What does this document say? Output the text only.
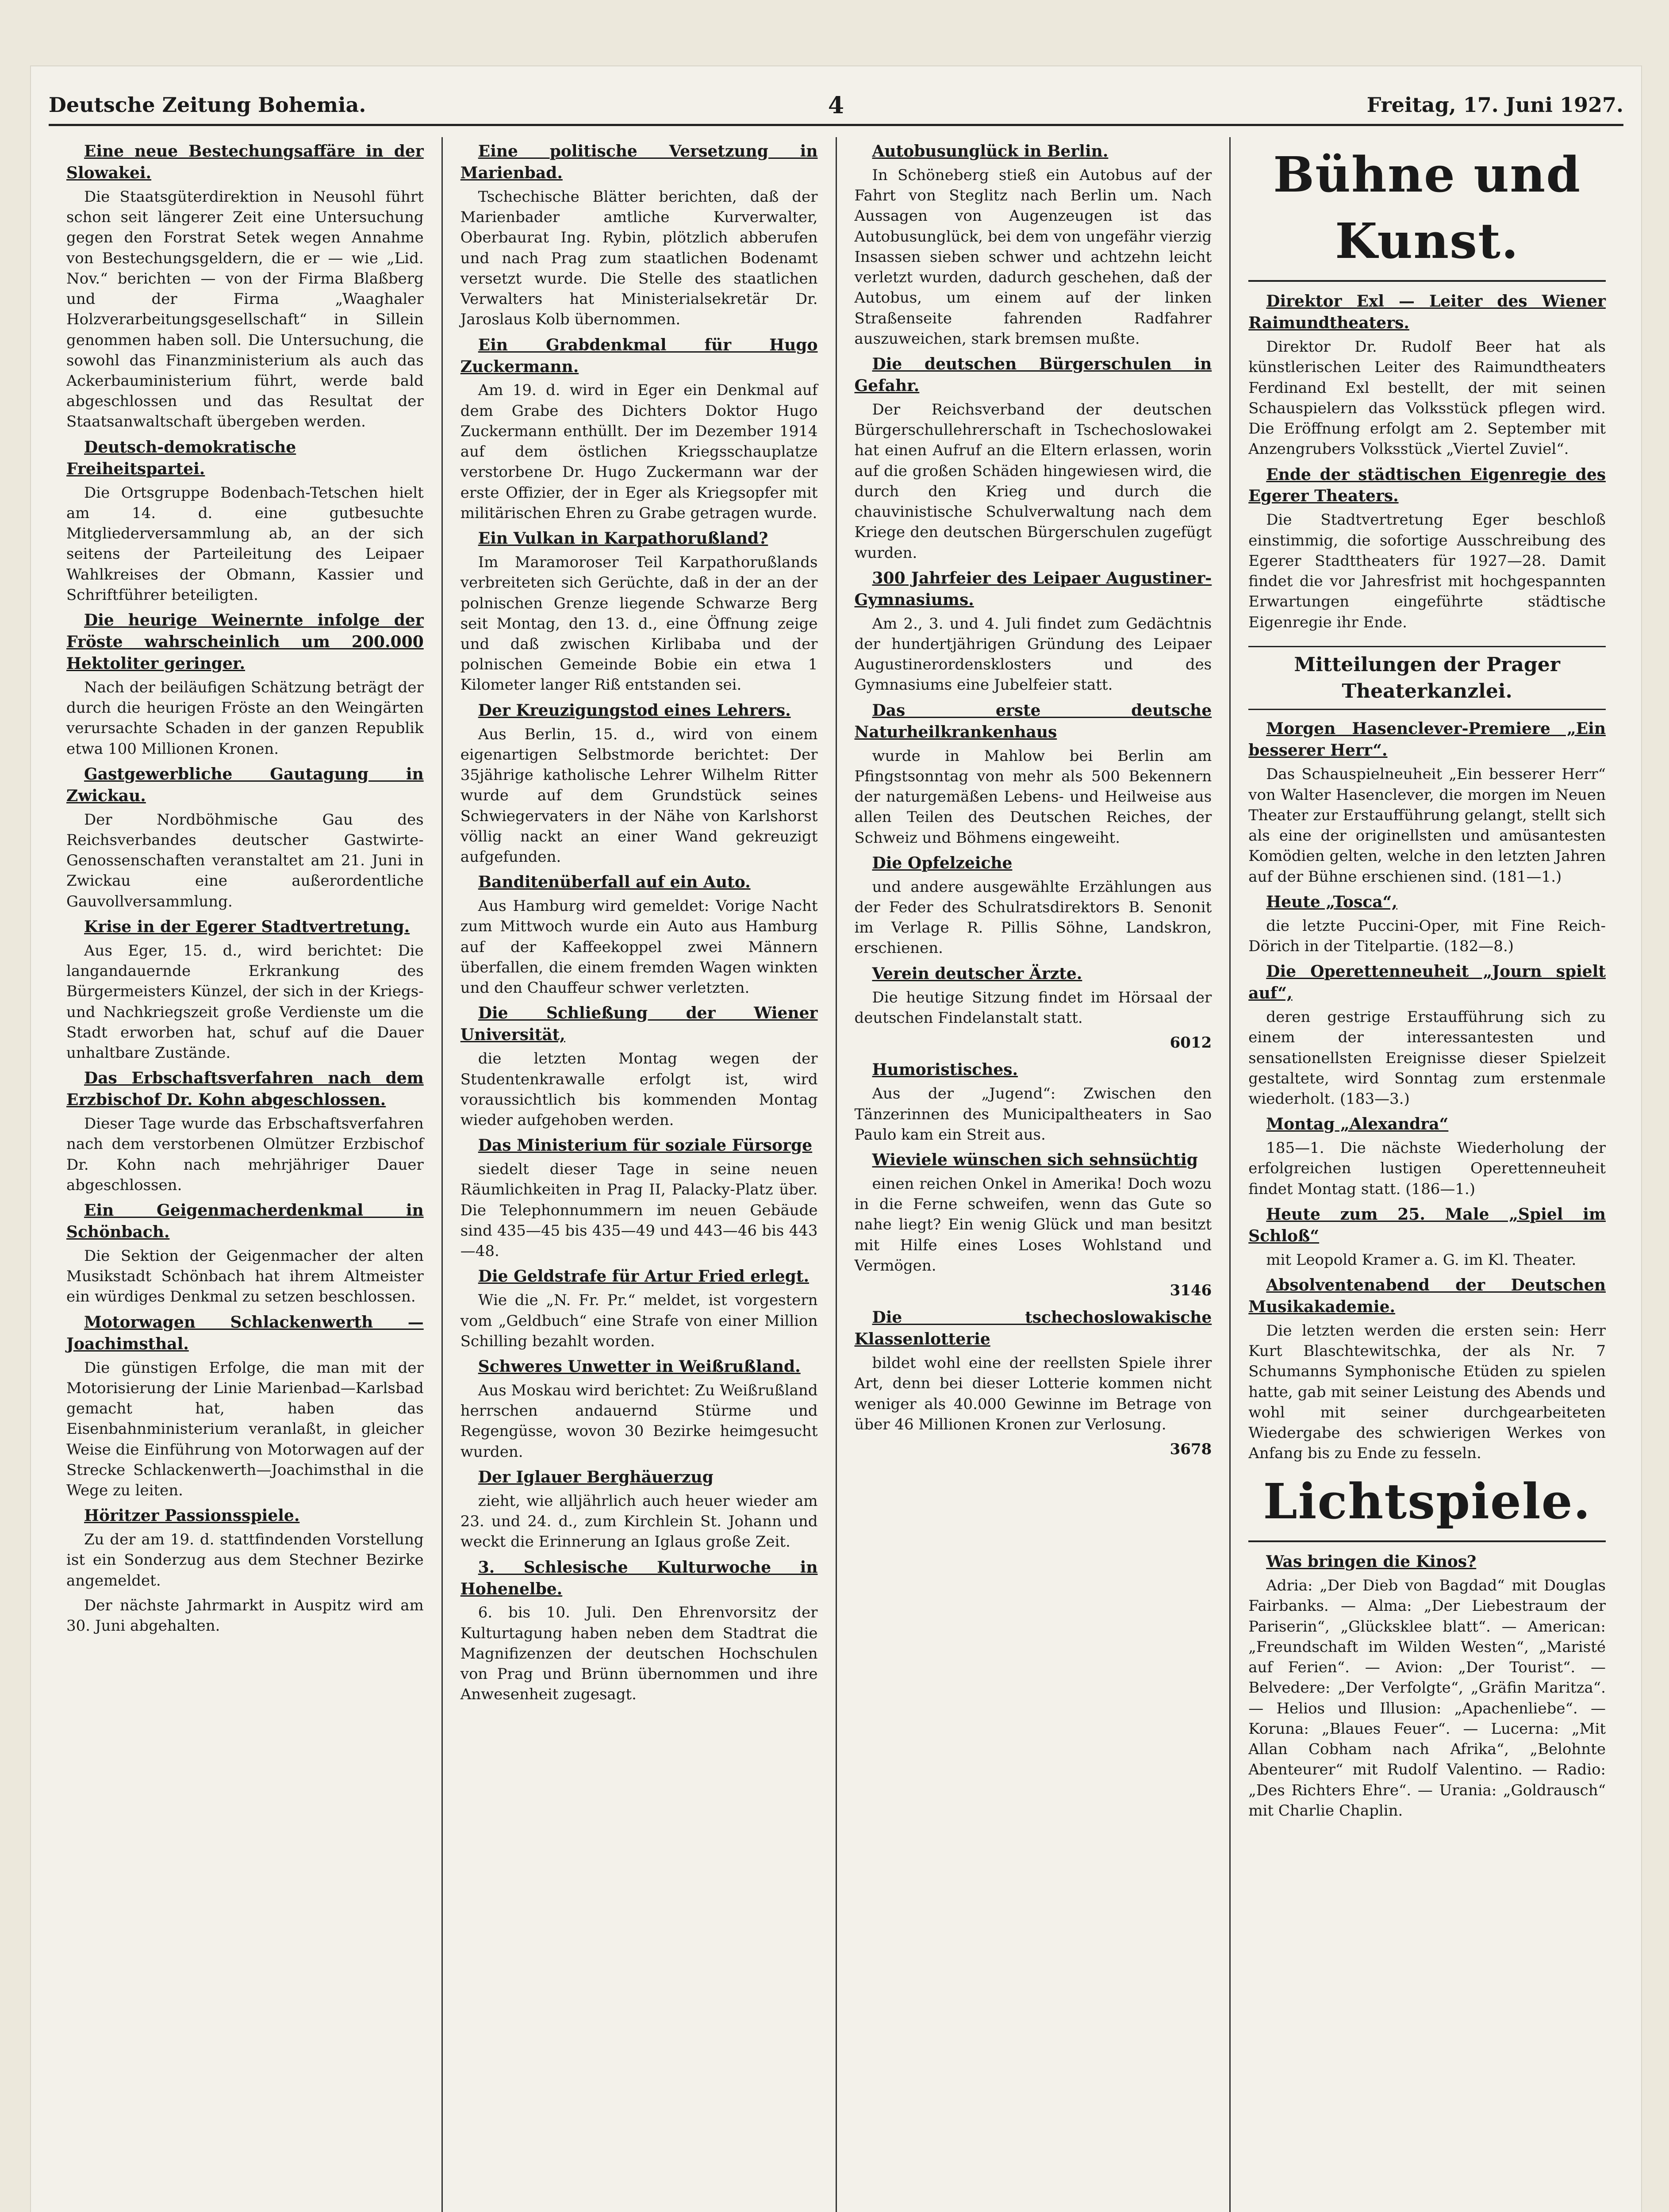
Deutsche Zeitung Bohemia.	4	Freitag, 17. Juni 1927.
Eine neue Bestechungsaffäre in der Slowakei.

Die Staatsgüterdirektion in Neusohl führt schon seit längerer Zeit eine Untersuchung gegen den Forstrat Setek wegen Annahme von Bestechungsgeldern, die er — wie „Lid. Nov.“ berichten — von der Firma Blaßberg und der Firma „Waaghaler Holzverarbeitungsgesellschaft“ in Sillein genommen haben soll. Die Untersuchung, die sowohl das Finanzministerium als auch das Ackerbauministerium führt, werde bald abgeschlossen und das Resultat der Staatsanwaltschaft übergeben werden.

Deutsch-demokratische Freiheitspartei.

Die Ortsgruppe Bodenbach-Tetschen hielt am 14. d. eine gutbesuchte Mitgliederversammlung ab, an der sich seitens der Parteileitung des Leipaer Wahlkreises der Obmann, Kassier und Schriftführer beteiligten.

Die heurige Weinernte infolge der Fröste wahrscheinlich um 200.000 Hektoliter geringer.

Nach der beiläufigen Schätzung beträgt der durch die heurigen Fröste an den Weingärten verursachte Schaden in der ganzen Republik etwa 100 Millionen Kronen.

Gastgewerbliche Gautagung in Zwickau.

Der Nordböhmische Gau des Reichsverbandes deutscher Gastwirte-Genossenschaften veranstaltet am 21. Juni in Zwickau eine außerordentliche Gauvollversammlung.

Krise in der Egerer Stadtvertretung.

Aus Eger, 15. d., wird berichtet: Die langandauernde Erkrankung des Bürgermeisters Künzel, der sich in der Kriegs- und Nachkriegszeit große Verdienste um die Stadt erworben hat, schuf auf die Dauer unhaltbare Zustände.

Das Erbschaftsverfahren nach dem Erzbischof Dr. Kohn abgeschlossen.

Dieser Tage wurde das Erbschaftsverfahren nach dem verstorbenen Olmützer Erzbischof Dr. Kohn nach mehrjähriger Dauer abgeschlossen.

Ein Geigenmacherdenkmal in Schönbach.

Die Sektion der Geigenmacher der alten Musikstadt Schönbach hat ihrem Altmeister ein würdiges Denkmal zu setzen beschlossen.

Motorwagen Schlackenwerth — Joachimsthal.

Die günstigen Erfolge, die man mit der Motorisierung der Linie Marienbad—Karlsbad gemacht hat, haben das Eisenbahnministerium veranlaßt, in gleicher Weise die Einführung von Motorwagen auf der Strecke Schlackenwerth—Joachimsthal in die Wege zu leiten.

Höritzer Passionsspiele.

Zu der am 19. d. stattfindenden Vorstellung ist ein Sonderzug aus dem Stechner Bezirke angemeldet.

Der nächste Jahrmarkt in Auspitz wird am 30. Juni abgehalten.

Eine politische Versetzung in Marienbad.

Tschechische Blätter berichten, daß der Marienbader amtliche Kurverwalter, Oberbaurat Ing. Rybin, plötzlich abberufen und nach Prag zum staatlichen Bodenamt versetzt wurde. Die Stelle des staatlichen Verwalters hat Ministerialsekretär Dr. Jaroslaus Kolb übernommen.

Ein Grabdenkmal für Hugo Zuckermann.

Am 19. d. wird in Eger ein Denkmal auf dem Grabe des Dichters Doktor Hugo Zuckermann enthüllt. Der im Dezember 1914 auf dem östlichen Kriegsschauplatze verstorbene Dr. Hugo Zuckermann war der erste Offizier, der in Eger als Kriegsopfer mit militärischen Ehren zu Grabe getragen wurde.

Ein Vulkan in Karpathorußland?

Im Maramoroser Teil Karpathorußlands verbreiteten sich Gerüchte, daß in der an der polnischen Grenze liegende Schwarze Berg seit Montag, den 13. d., eine Öffnung zeige und daß zwischen Kirlibaba und der polnischen Gemeinde Bobie ein etwa 1 Kilometer langer Riß entstanden sei.

Der Kreuzigungstod eines Lehrers.

Aus Berlin, 15. d., wird von einem eigenartigen Selbstmorde berichtet: Der 35jährige katholische Lehrer Wilhelm Ritter wurde auf dem Grundstück seines Schwiegervaters in der Nähe von Karlshorst völlig nackt an einer Wand gekreuzigt aufgefunden.

Banditenüberfall auf ein Auto.

Aus Hamburg wird gemeldet: Vorige Nacht zum Mittwoch wurde ein Auto aus Hamburg auf der Kaffeekoppel zwei Männern überfallen, die einem fremden Wagen winkten und den Chauffeur schwer verletzten.

Die Schließung der Wiener Universität,

die letzten Montag wegen der Studentenkrawalle erfolgt ist, wird voraussichtlich bis kommenden Montag wieder aufgehoben werden.

Das Ministerium für soziale Fürsorge

siedelt dieser Tage in seine neuen Räumlichkeiten in Prag II, Palacky-Platz über. Die Telephonnummern im neuen Gebäude sind 435—45 bis 435—49 und 443—46 bis 443—48.

Die Geldstrafe für Artur Fried erlegt.

Wie die „N. Fr. Pr.“ meldet, ist vorgestern vom „Geldbuch“ eine Strafe von einer Million Schilling bezahlt worden.

Schweres Unwetter in Weißrußland.

Aus Moskau wird berichtet: Zu Weißrußland herrschen andauernd Stürme und Regengüsse, wovon 30 Bezirke heimgesucht wurden.

Der Iglauer Berghäuerzug

zieht, wie alljährlich auch heuer wieder am 23. und 24. d., zum Kirchlein St. Johann und weckt die Erinnerung an Iglaus große Zeit.

3. Schlesische Kulturwoche in Hohenelbe.

6. bis 10. Juli. Den Ehrenvorsitz der Kulturtagung haben neben dem Stadtrat die Magnifizenzen der deutschen Hochschulen von Prag und Brünn übernommen und ihre Anwesenheit zugesagt.

Autobusunglück in Berlin.

In Schöneberg stieß ein Autobus auf der Fahrt von Steglitz nach Berlin um. Nach Aussagen von Augenzeugen ist das Autobusunglück, bei dem von ungefähr vierzig Insassen sieben schwer und achtzehn leicht verletzt wurden, dadurch geschehen, daß der Autobus, um einem auf der linken Straßenseite fahrenden Radfahrer auszuweichen, stark bremsen mußte.

Die deutschen Bürgerschulen in Gefahr.

Der Reichsverband der deutschen Bürgerschullehrerschaft in Tschechoslowakei hat einen Aufruf an die Eltern erlassen, worin auf die großen Schäden hingewiesen wird, die durch den Krieg und durch die chauvinistische Schulverwaltung nach dem Kriege den deutschen Bürgerschulen zugefügt wurden.

300 Jahrfeier des Leipaer Augustiner-Gymnasiums.

Am 2., 3. und 4. Juli findet zum Gedächtnis der hundertjährigen Gründung des Leipaer Augustinerordensklosters und des Gymnasiums eine Jubelfeier statt.

Das erste deutsche Naturheilkrankenhaus

wurde in Mahlow bei Berlin am Pfingstsonntag von mehr als 500 Bekennern der naturgemäßen Lebens- und Heilweise aus allen Teilen des Deutschen Reiches, der Schweiz und Böhmens eingeweiht.

Die Opfelzeiche

und andere ausgewählte Erzählungen aus der Feder des Schulratsdirektors B. Senonit im Verlage R. Pillis Söhne, Landskron, erschienen.

Verein deutscher Ärzte.

Die heutige Sitzung findet im Hörsaal der deutschen Findelanstalt statt.

6012
Humoristisches.

Aus der „Jugend“: Zwischen den Tänzerinnen des Municipaltheaters in Sao Paulo kam ein Streit aus.

Wieviele wünschen sich sehnsüchtig

einen reichen Onkel in Amerika! Doch wozu in die Ferne schweifen, wenn das Gute so nahe liegt? Ein wenig Glück und man besitzt mit Hilfe eines Loses Wohlstand und Vermögen.

3146
Die tschechoslowakische Klassenlotterie

bildet wohl eine der reellsten Spiele ihrer Art, denn bei dieser Lotterie kommen nicht weniger als 40.000 Gewinne im Betrage von über 46 Millionen Kronen zur Verlosung.

3678
Bühne und Kunst.
Direktor Exl — Leiter des Wiener Raimundtheaters.

Direktor Dr. Rudolf Beer hat als künstlerischen Leiter des Raimundtheaters Ferdinand Exl bestellt, der mit seinen Schauspielern das Volksstück pflegen wird. Die Eröffnung erfolgt am 2. September mit Anzengrubers Volksstück „Viertel Zuviel“.

Ende der städtischen Eigenregie des Egerer Theaters.

Die Stadtvertretung Eger beschloß einstimmig, die sofortige Ausschreibung des Egerer Stadttheaters für 1927—28. Damit findet die vor Jahresfrist mit hochgespannten Erwartungen eingeführte städtische Eigenregie ihr Ende.

Mitteilungen der Prager Theaterkanzlei.
Morgen Hasenclever-Premiere „Ein besserer Herr“.

Das Schauspielneuheit „Ein besserer Herr“ von Walter Hasenclever, die morgen im Neuen Theater zur Erstaufführung gelangt, stellt sich als eine der originellsten und amüsantesten Komödien gelten, welche in den letzten Jahren auf der Bühne erschienen sind. (181—1.)

Heute „Tosca“,

die letzte Puccini-Oper, mit Fine Reich-Dörich in der Titelpartie. (182—8.)

Die Operettenneuheit „Journ spielt auf“,

deren gestrige Erstaufführung sich zu einem der interessantesten und sensationellsten Ereignisse dieser Spielzeit gestaltete, wird Sonntag zum erstenmale wiederholt. (183—3.)

Montag „Alexandra“

185—1. Die nächste Wiederholung der erfolgreichen lustigen Operettenneuheit findet Montag statt. (186—1.)

Heute zum 25. Male „Spiel im Schloß“

mit Leopold Kramer a. G. im Kl. Theater.

Absolventenabend der Deutschen Musikakademie.

Die letzten werden die ersten sein: Herr Kurt Blaschtewitschka, der als Nr. 7 Schumanns Symphonische Etüden zu spielen hatte, gab mit seiner Leistung des Abends und wohl mit seiner durchgearbeiteten Wiedergabe des schwierigen Werkes von Anfang bis zu Ende zu fesseln.

Lichtspiele.
Was bringen die Kinos?

Adria: „Der Dieb von Bagdad“ mit Douglas Fairbanks. — Alma: „Der Liebestraum der Pariserin“, „Glücksklee blatt“. — American: „Freundschaft im Wilden Westen“, „Maristé auf Ferien“. — Avion: „Der Tourist“. — Belvedere: „Der Verfolgte“, „Gräfin Maritza“. — Helios und Illusion: „Apachenliebe“. — Koruna: „Blaues Feuer“. — Lucerna: „Mit Allan Cobham nach Afrika“, „Belohnte Abenteurer“ mit Rudolf Valentino. — Radio: „Des Richters Ehre“. — Urania: „Goldrausch“ mit Charlie Chaplin.
